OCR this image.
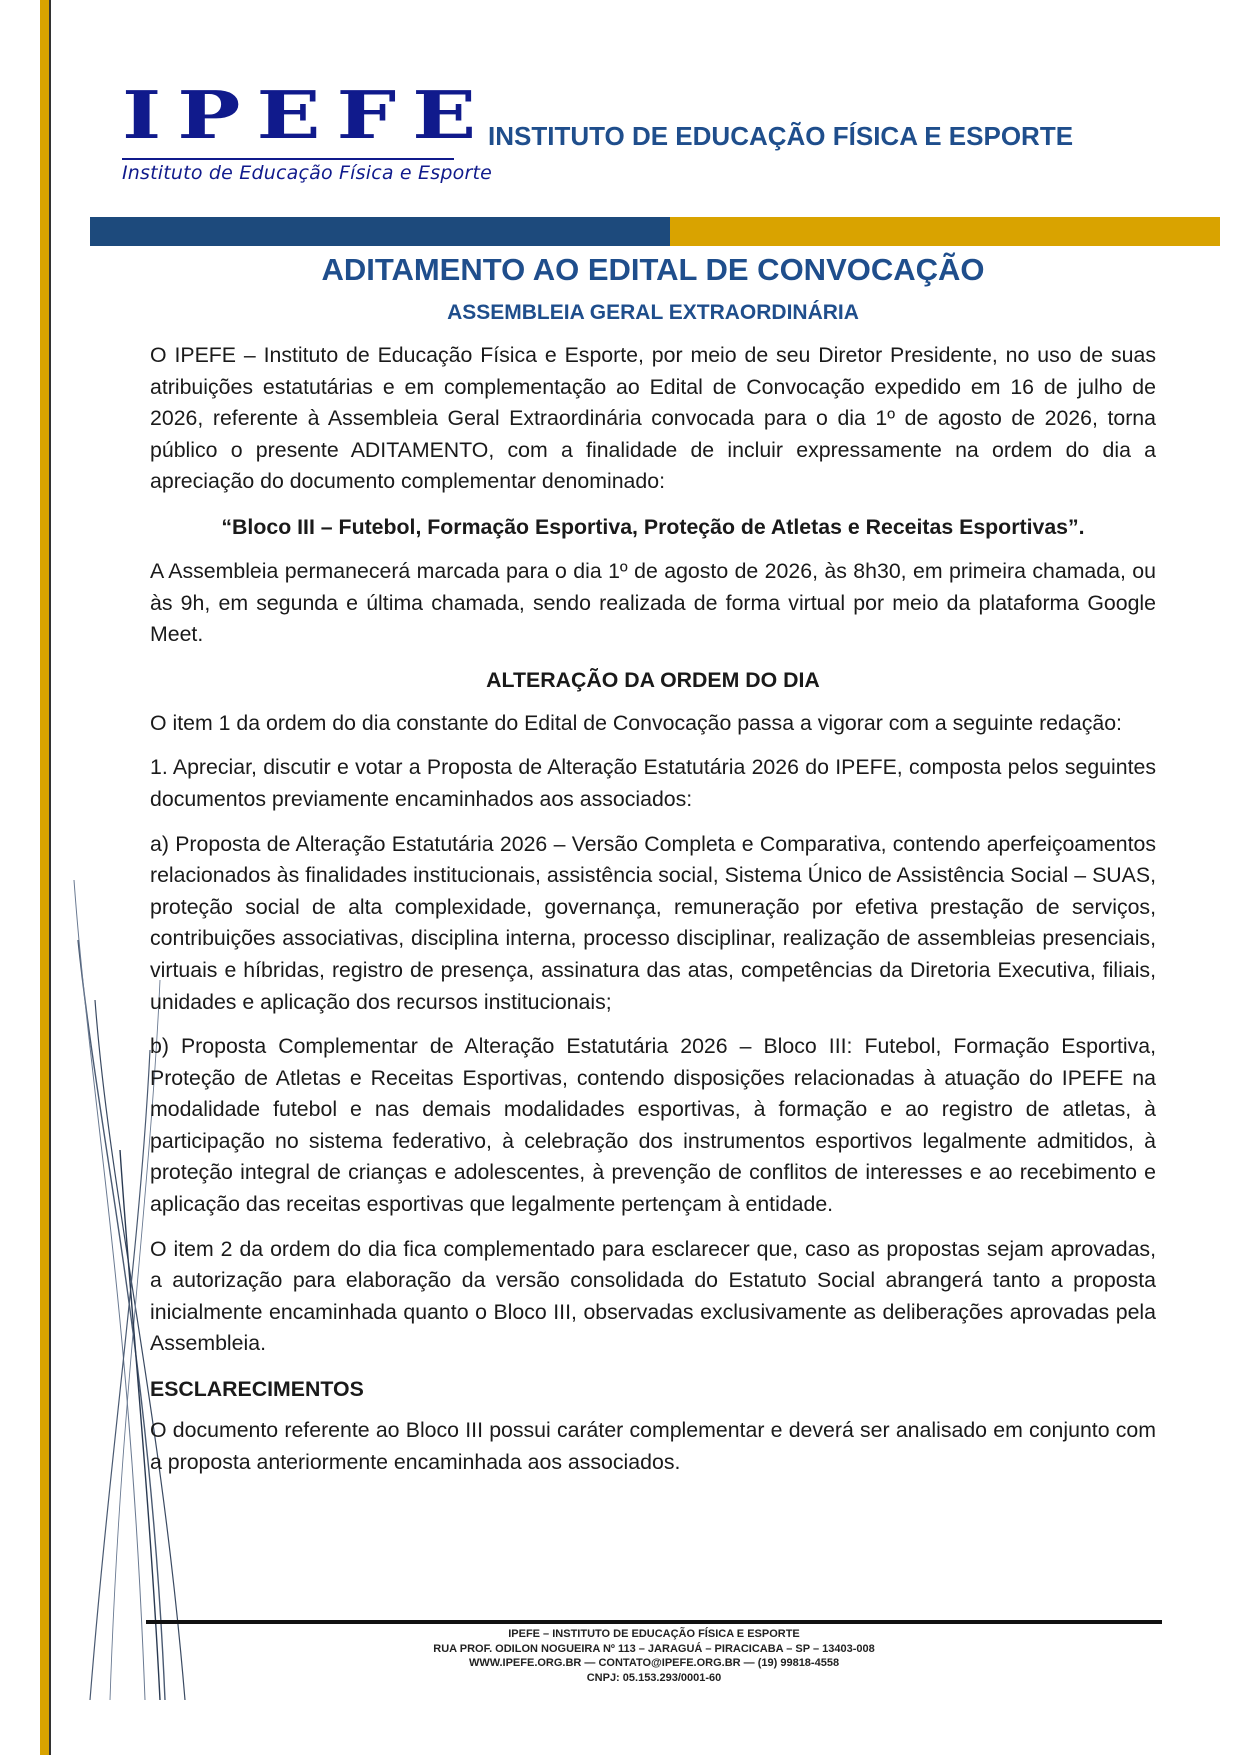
IPEFE
Instituto de Educação Física e Esporte
INSTITUTO DE EDUCAÇÃO FÍSICA E ESPORTE
ADITAMENTO AO EDITAL DE CONVOCAÇÃO
ASSEMBLEIA GERAL EXTRAORDINÁRIA

O IPEFE – Instituto de Educação Física e Esporte, por meio de seu Diretor Presidente, no uso de suas atribuições estatutárias e em complementação ao Edital de Convocação expedido em 16 de julho de 2026, referente à Assembleia Geral Extraordinária convocada para o dia 1º de agosto de 2026, torna público o presente ADITAMENTO, com a finalidade de incluir expressamente na ordem do dia a apreciação do documento complementar denominado:

“Bloco III – Futebol, Formação Esportiva, Proteção de Atletas e Receitas Esportivas”.

A Assembleia permanecerá marcada para o dia 1º de agosto de 2026, às 8h30, em primeira chamada, ou às 9h, em segunda e última chamada, sendo realizada de forma virtual por meio da plataforma Google Meet.

ALTERAÇÃO DA ORDEM DO DIA

O item 1 da ordem do dia constante do Edital de Convocação passa a vigorar com a seguinte redação:

1. Apreciar, discutir e votar a Proposta de Alteração Estatutária 2026 do IPEFE, composta pelos seguintes documentos previamente encaminhados aos associados:

a) Proposta de Alteração Estatutária 2026 – Versão Completa e Comparativa, contendo aperfeiçoamentos relacionados às finalidades institucionais, assistência social, Sistema Único de Assistência Social – SUAS, proteção social de alta complexidade, governança, remuneração por efetiva prestação de serviços, contribuições associativas, disciplina interna, processo disciplinar, realização de assembleias presenciais, virtuais e híbridas, registro de presença, assinatura das atas, competências da Diretoria Executiva, filiais, unidades e aplicação dos recursos institucionais;

b) Proposta Complementar de Alteração Estatutária 2026 – Bloco III: Futebol, Formação Esportiva, Proteção de Atletas e Receitas Esportivas, contendo disposições relacionadas à atuação do IPEFE na modalidade futebol e nas demais modalidades esportivas, à formação e ao registro de atletas, à participação no sistema federativo, à celebração dos instrumentos esportivos legalmente admitidos, à proteção integral de crianças e adolescentes, à prevenção de conflitos de interesses e ao recebimento e aplicação das receitas esportivas que legalmente pertençam à entidade.

O item 2 da ordem do dia fica complementado para esclarecer que, caso as propostas sejam aprovadas, a autorização para elaboração da versão consolidada do Estatuto Social abrangerá tanto a proposta inicialmente encaminhada quanto o Bloco III, observadas exclusivamente as deliberações aprovadas pela Assembleia.

ESCLARECIMENTOS

O documento referente ao Bloco III possui caráter complementar e deverá ser analisado em conjunto com a proposta anteriormente encaminhada aos associados.

IPEFE – INSTITUTO DE EDUCAÇÃO FÍSICA E ESPORTE
RUA PROF. ODILON NOGUEIRA Nº 113 – JARAGUÁ – PIRACICABA – SP – 13403-008
WWW.IPEFE.ORG.BR — CONTATO@IPEFE.ORG.BR — (19) 99818-4558
CNPJ: 05.153.293/0001-60
